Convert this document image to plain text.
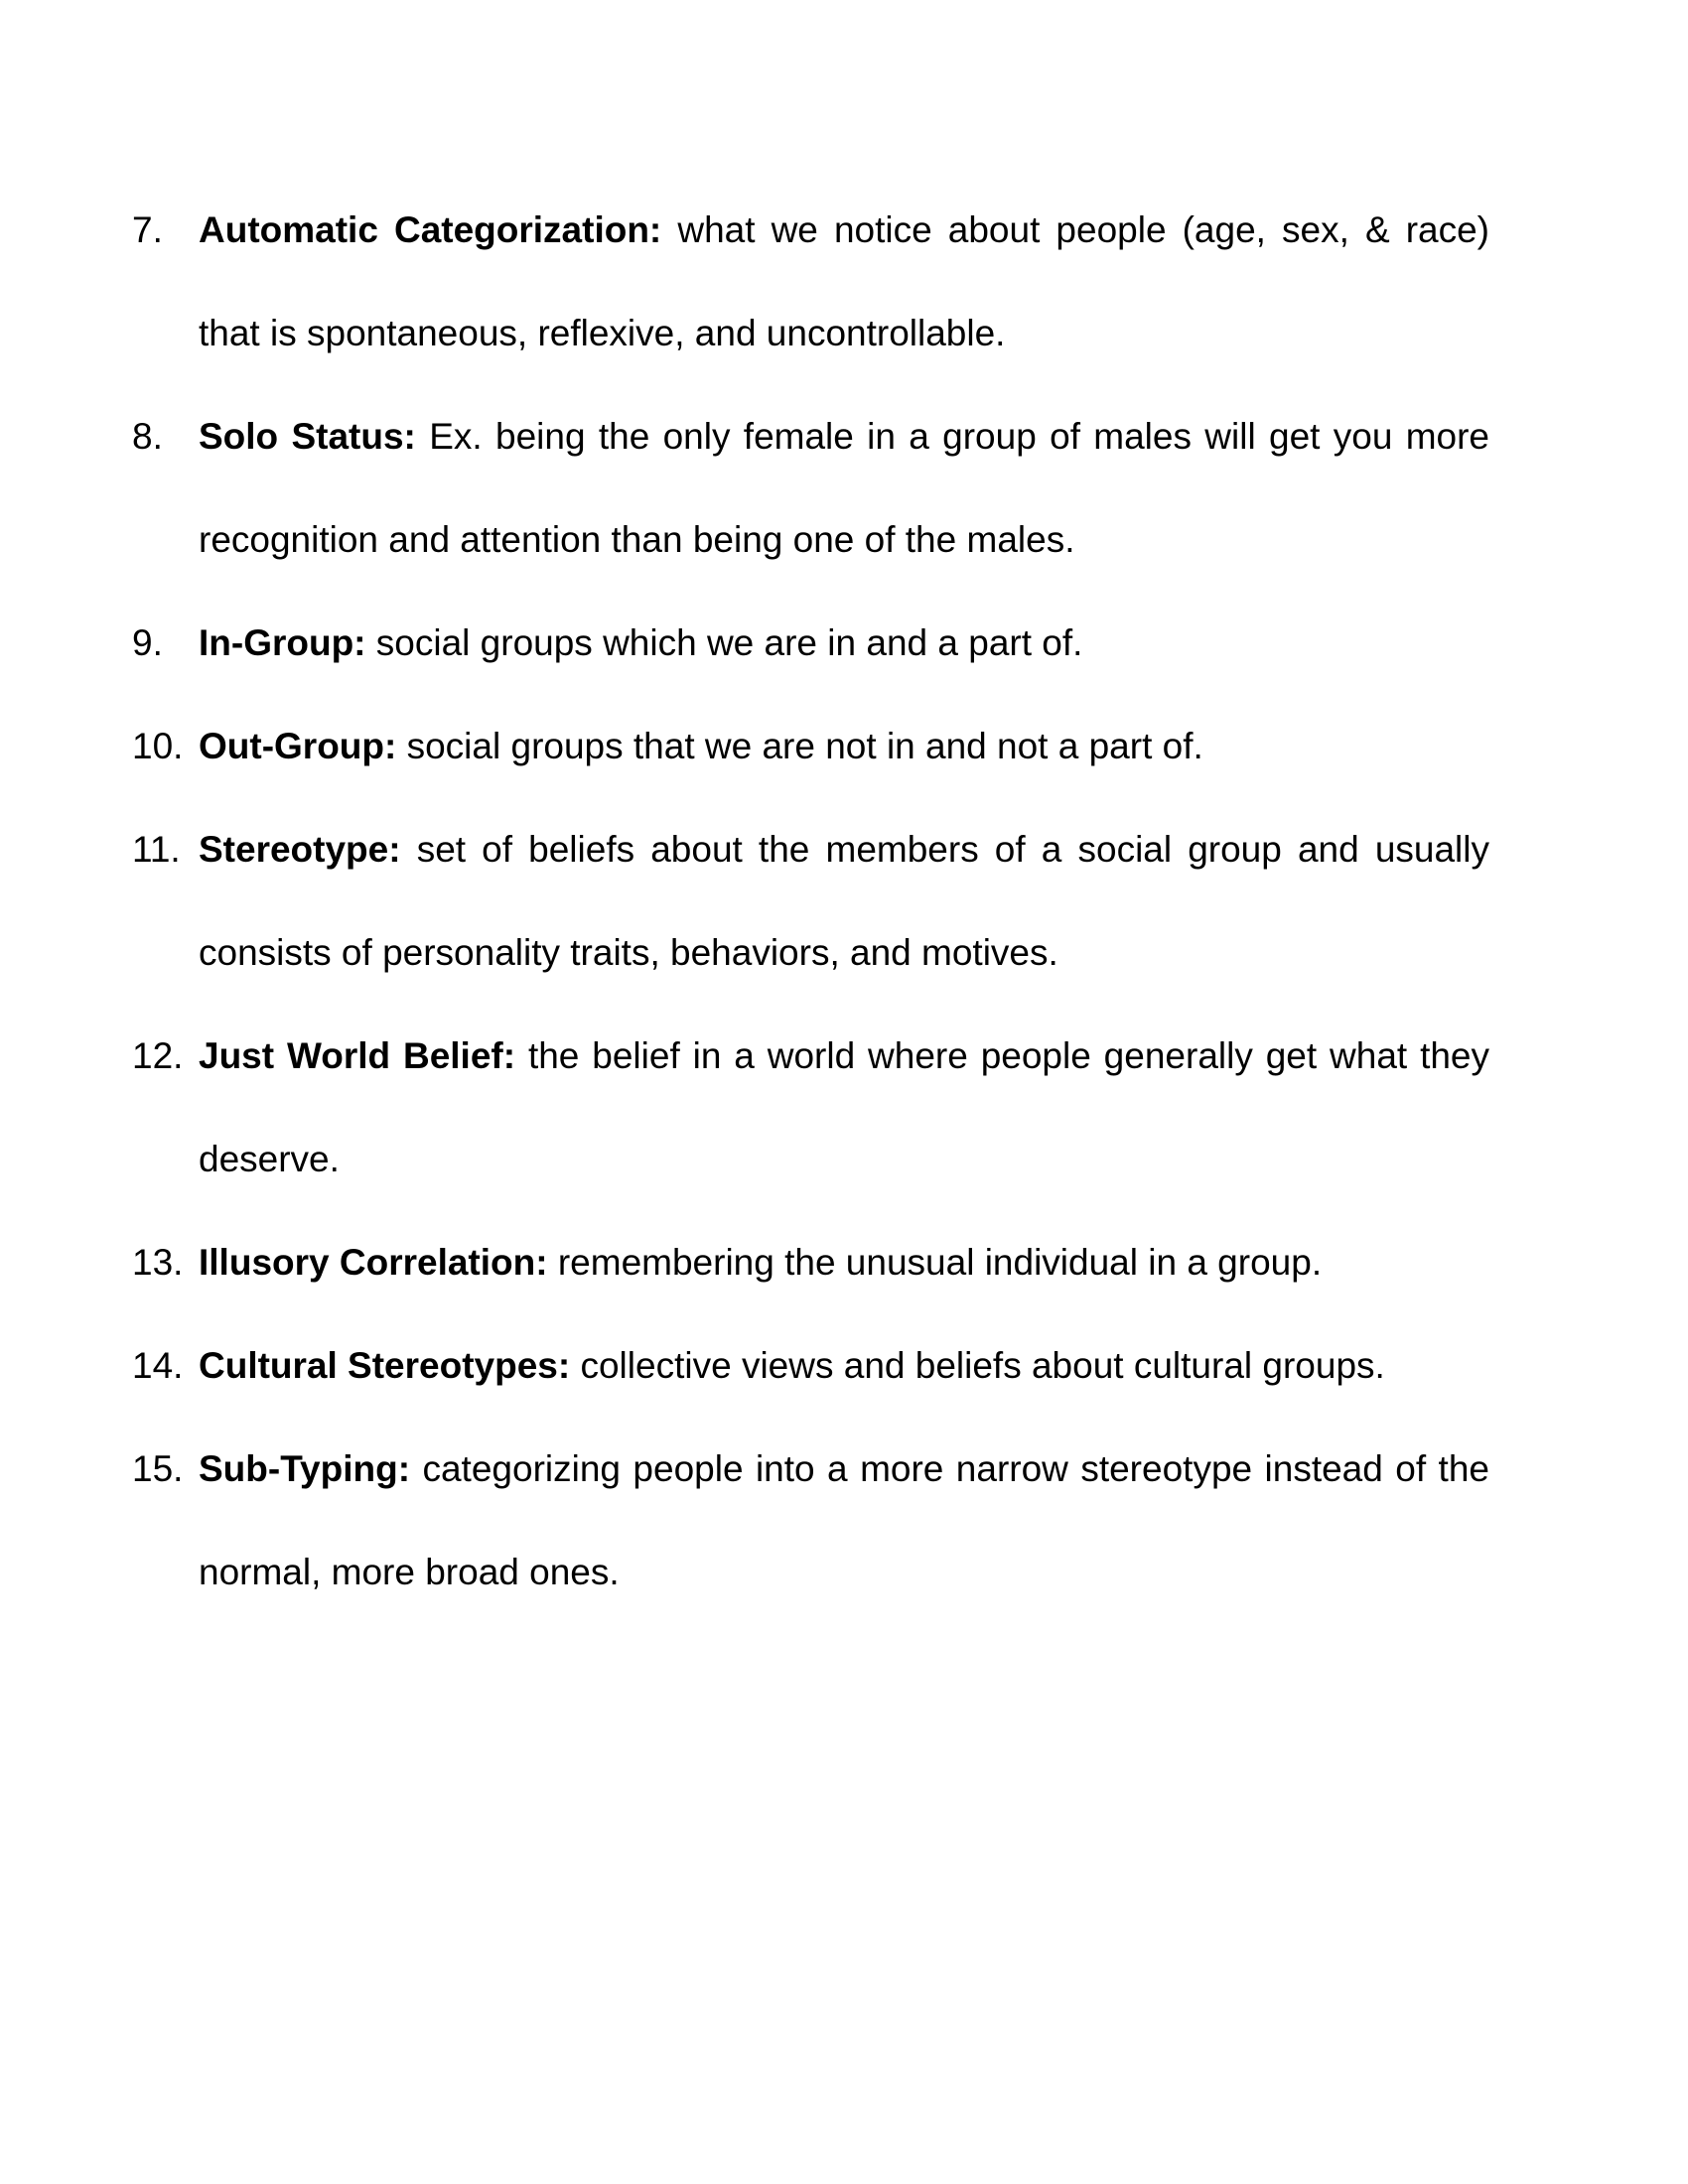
7. Automatic Categorization: what we notice about people (age, sex, & race) that is spontaneous, reflexive, and uncontrollable.

8. Solo Status: Ex. being the only female in a group of males will get you more recognition and attention than being one of the males.

9. In-Group: social groups which we are in and a part of.

10. Out-Group: social groups that we are not in and not a part of.

11. Stereotype: set of beliefs about the members of a social group and usually consists of personality traits, behaviors, and motives.

12. Just World Belief: the belief in a world where people generally get what they deserve.

13. Illusory Correlation: remembering the unusual individual in a group.

14. Cultural Stereotypes: collective views and beliefs about cultural groups.

15. Sub-Typing: categorizing people into a more narrow stereotype instead of the normal, more broad ones.
